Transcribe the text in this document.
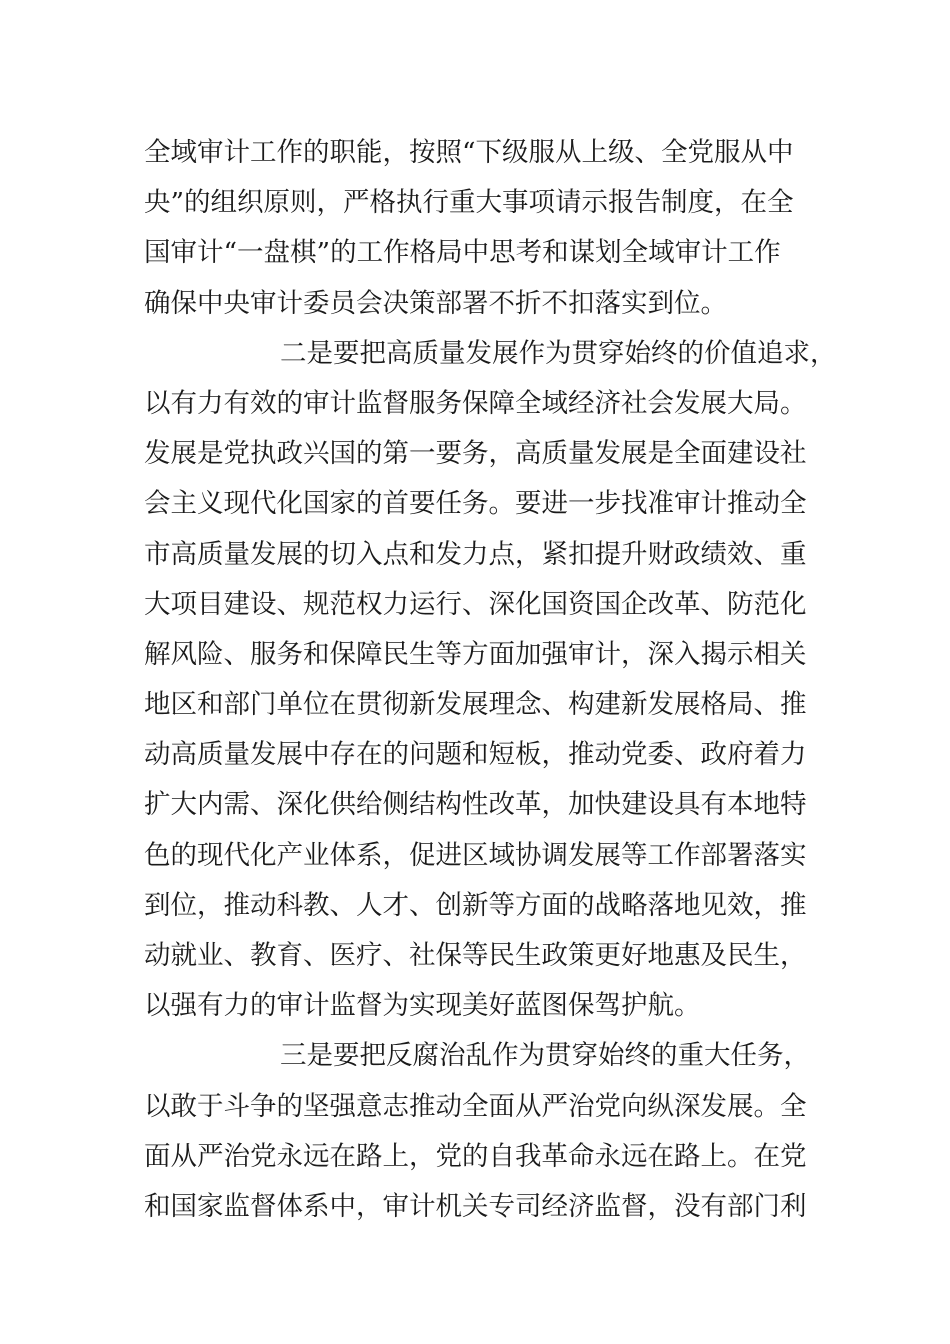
全域审计工作的职能，按照“下级服从上级、全党服从中
央”的组织原则，严格执行重大事项请示报告制度，在全
国审计“一盘棋”的工作格局中思考和谋划全域审计工作
确保中央审计委员会决策部署不折不扣落实到位。
二是要把高质量发展作为贯穿始终的价值追求，
以有力有效的审计监督服务保障全域经济社会发展大局。
发展是党执政兴国的第一要务，高质量发展是全面建设社
会主义现代化国家的首要任务。要进一步找准审计推动全
市高质量发展的切入点和发力点，紧扣提升财政绩效、重
大项目建设、规范权力运行、深化国资国企改革、防范化
解风险、服务和保障民生等方面加强审计，深入揭示相关
地区和部门单位在贯彻新发展理念、构建新发展格局、推
动高质量发展中存在的问题和短板，推动党委、政府着力
扩大内需、深化供给侧结构性改革，加快建设具有本地特
色的现代化产业体系，促进区域协调发展等工作部署落实
到位，推动科教、人才、创新等方面的战略落地见效，推
动就业、教育、医疗、社保等民生政策更好地惠及民生，
以强有力的审计监督为实现美好蓝图保驾护航。
三是要把反腐治乱作为贯穿始终的重大任务，
以敢于斗争的坚强意志推动全面从严治党向纵深发展。全
面从严治党永远在路上，党的自我革命永远在路上。在党
和国家监督体系中，审计机关专司经济监督，没有部门利
